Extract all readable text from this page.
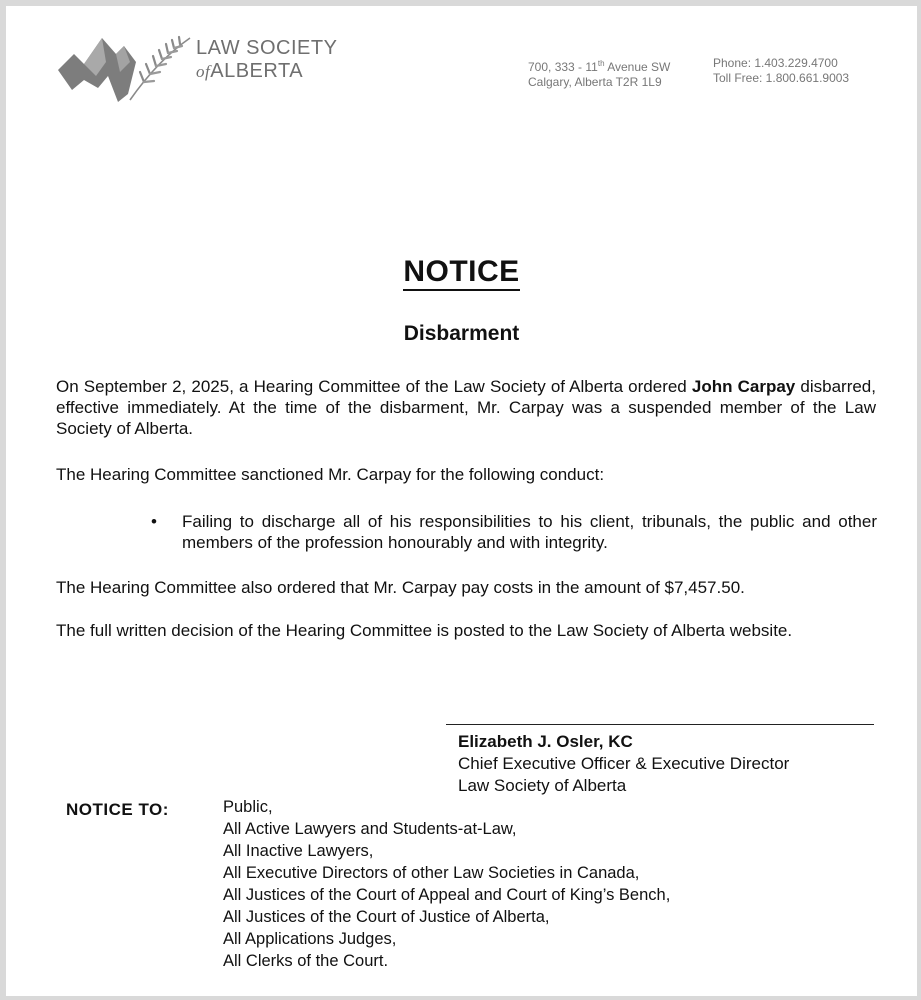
LAW SOCIETY
ofALBERTA	700, 333 - 11th Avenue SW
Calgary, Alberta T2R 1L9
Phone: 1.403.229.4700
Toll Free: 1.800.661.9003
NOTICE
Disbarment

On September 2, 2025, a Hearing Committee of the Law Society of Alberta ordered John Carpay disbarred, effective immediately. At the time of the disbarment, Mr. Carpay was a suspended member of the Law Society of Alberta.

The Hearing Committee sanctioned Mr. Carpay for the following conduct:
• Failing to discharge all of his responsibilities to his client, tribunals, the public and other members of the profession honourably and with integrity.
The Hearing Committee also ordered that Mr. Carpay pay costs in the amount of $7,457.50.
The full written decision of the Hearing Committee is posted to the Law Society of Alberta website.
Elizabeth J. Osler, KC
Chief Executive Officer & Executive Director
Law Society of Alberta
NOTICE TO:	Public,
All Active Lawyers and Students-at-Law,
All Inactive Lawyers,
All Executive Directors of other Law Societies in Canada,
All Justices of the Court of Appeal and Court of King’s Bench,
All Justices of the Court of Justice of Alberta,
All Applications Judges,
All Clerks of the Court.
